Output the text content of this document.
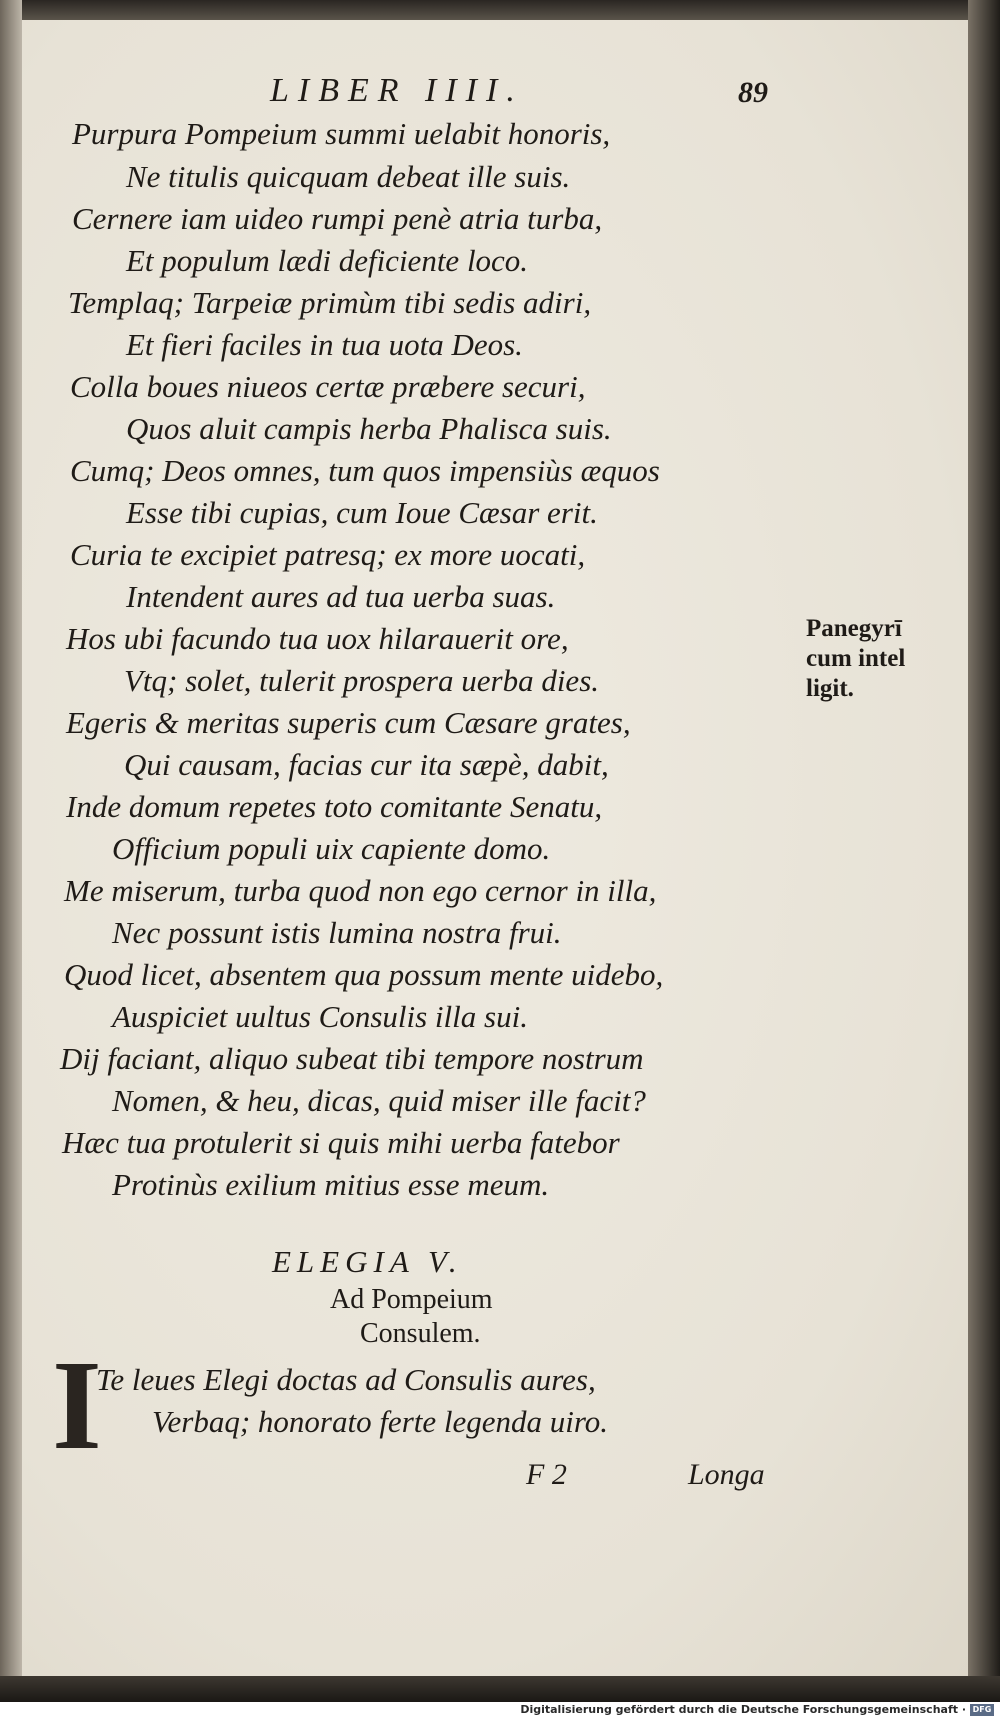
LIBER IIII.	89
Purpura Pompeium summi uelabit honoris,
Ne titulis quicquam debeat ille suis.
Cernere iam uideo rumpi penè atria turba,
Et populum lædi deficiente loco.
Templaq; Tarpeiæ primùm tibi sedis adiri,
Et fieri faciles in tua uota Deos.
Colla boues niueos certæ præbere securi,
Quos aluit campis herba Phalisca suis.
Cumq; Deos omnes, tum quos impensiùs æquos
Esse tibi cupias, cum Ioue Cæsar erit.
Curia te excipiet patresq; ex more uocati,
Intendent aures ad tua uerba suas.
Hos ubi facundo tua uox hilarauerit ore,
Vtq; solet, tulerit prospera uerba dies.
Egeris & meritas superis cum Cæsare grates,
Qui causam, facias cur ita sæpè, dabit,
Inde domum repetes toto comitante Senatu,
Officium populi uix capiente domo.
Me miserum, turba quod non ego cernor in illa,
Nec possunt istis lumina nostra frui.
Quod licet, absentem qua possum mente uidebo,
Auspiciet uultus Consulis illa sui.
Dij faciant, aliquo subeat tibi tempore nostrum
Nomen, & heu, dicas, quid miser ille facit?
Hæc tua protulerit si quis mihi uerba fatebor
Protinùs exilium mitius esse meum.
Panegyrī
cum intel
ligit.
ELEGIA V.
Ad Pompeium
Consulem.
I
Te leues Elegi doctas ad Consulis aures,
Verbaq; honorato ferte legenda uiro.
F 2	Longa
Digitalisierung gefördert durch die Deutsche Forschungsgemeinschaft · DFG
